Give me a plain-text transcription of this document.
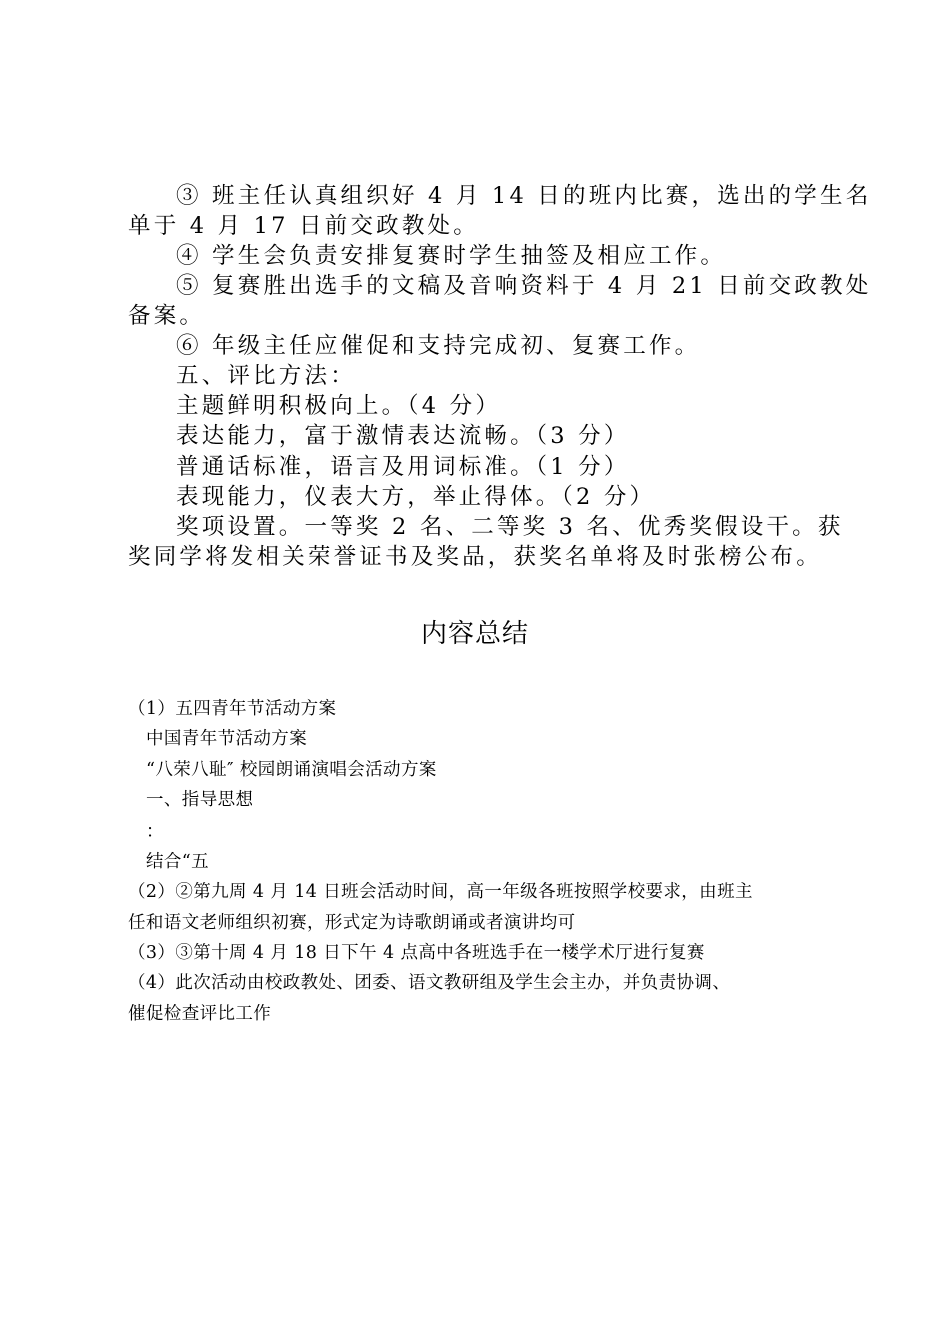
③ 班主任认真组织好 4 月 14 日的班内比赛，选出的学生名
单于 4 月 17 日前交政教处。
④ 学生会负责安排复赛时学生抽签及相应工作。
⑤ 复赛胜出选手的文稿及音响资料于 4 月 21 日前交政教处
备案。
⑥ 年级主任应催促和支持完成初、复赛工作。
五、评比方法：
主题鲜明积极向上。（4 分）
表达能力，富于激情表达流畅。（3 分）
普通话标准，语言及用词标准。（1 分）
表现能力，仪表大方，举止得体。（2 分）
奖项设置。一等奖 2 名、二等奖 3 名、优秀奖假设干。获
奖同学将发相关荣誉证书及奖品，获奖名单将及时张榜公布。
内容总结
（1）五四青年节活动方案
中国青年节活动方案
“八荣八耻″ 校园朗诵演唱会活动方案
一、指导思想
：
结合“五
（2）②第九周 4 月 14 日班会活动时间，高一年级各班按照学校要求，由班主
任和语文老师组织初赛，形式定为诗歌朗诵或者演讲均可
（3）③第十周 4 月 18 日下午 4 点高中各班选手在一楼学术厅进行复赛
（4）此次活动由校政教处、团委、语文教研组及学生会主办，并负责协调、
催促检查评比工作
